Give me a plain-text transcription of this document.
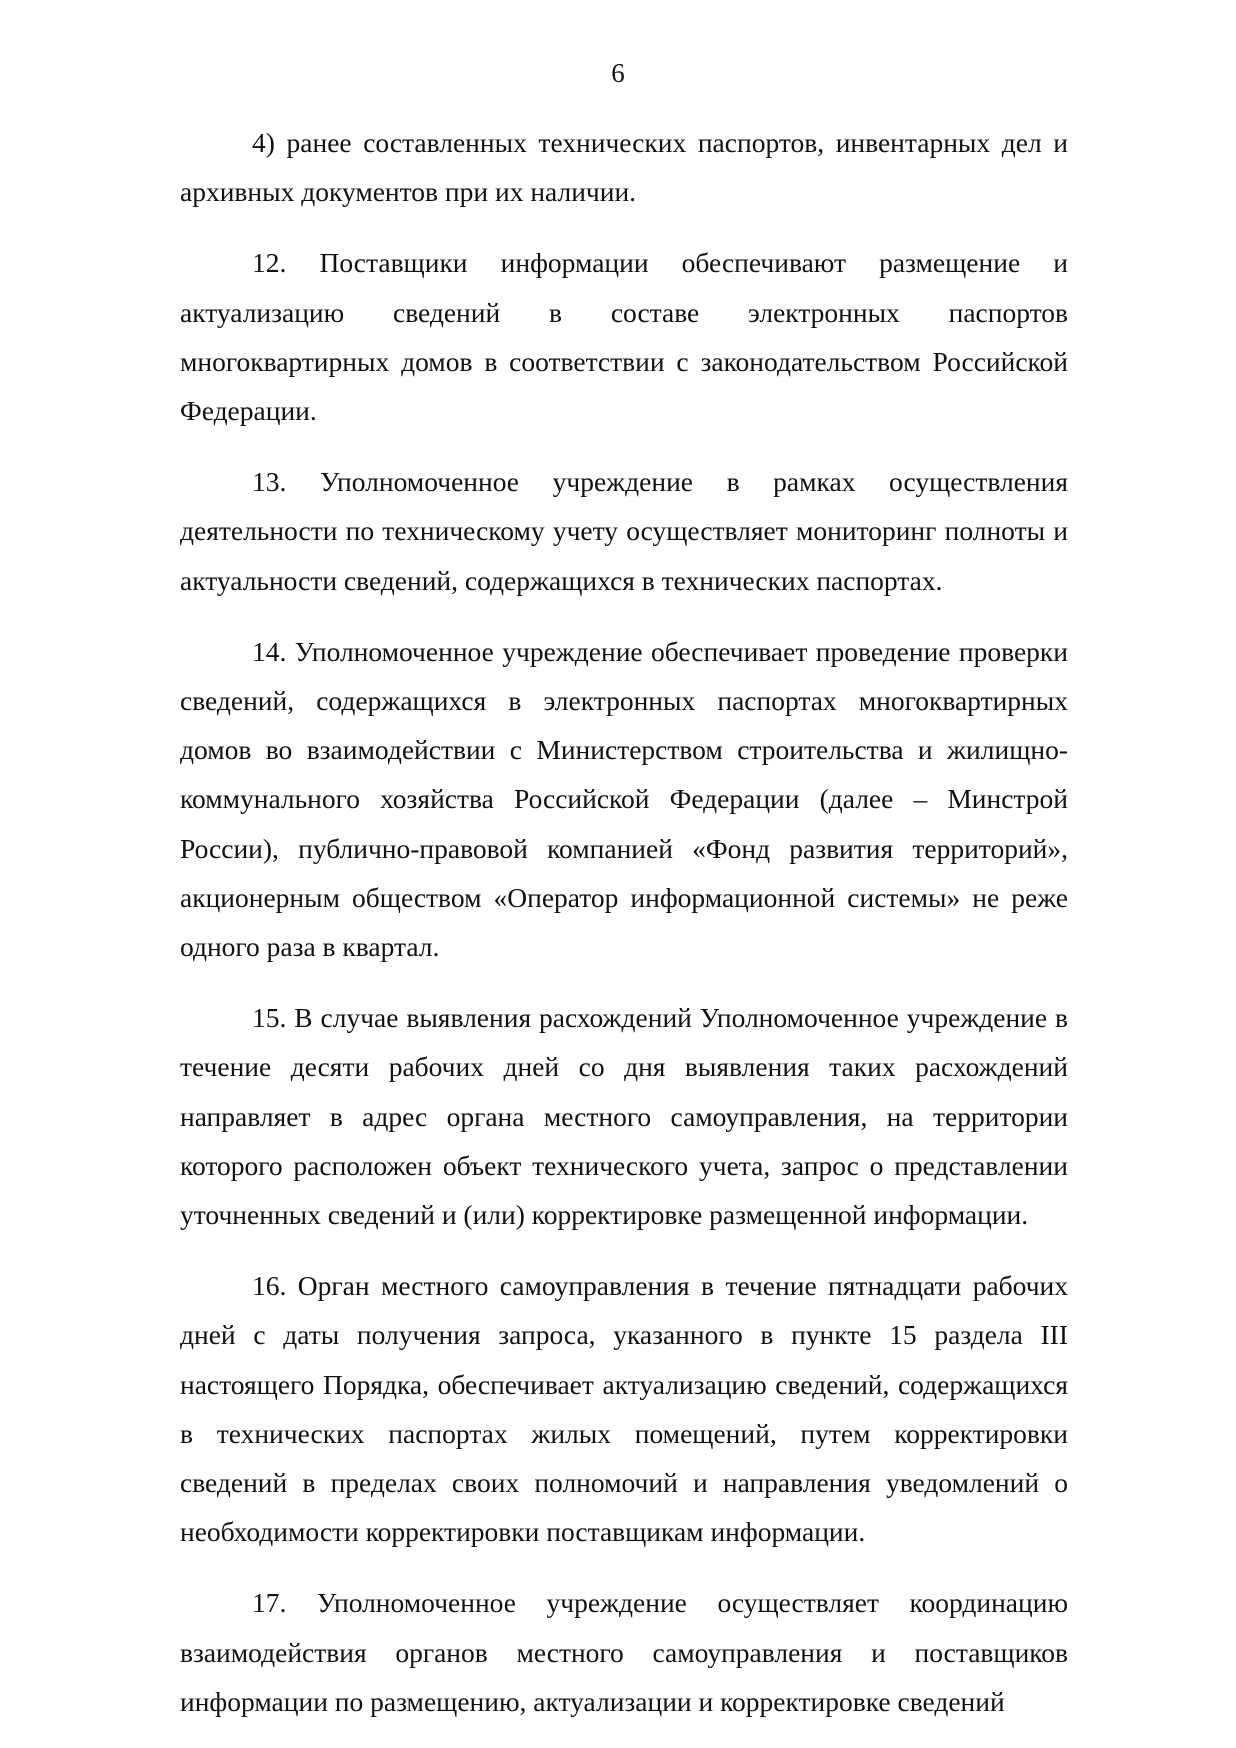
6

4) ранее составленных технических паспортов, инвентарных дел и архивных документов при их наличии.

12. Поставщики информации обеспечивают размещение и актуализацию сведений в составе электронных паспортов многоквартирных домов в соответствии с законодательством Российской Федерации.

13. Уполномоченное учреждение в рамках осуществления деятельности по техническому учету осуществляет мониторинг полноты и актуальности сведений, содержащихся в технических паспортах.

14. Уполномоченное учреждение обеспечивает проведение проверки сведений, содержащихся в электронных паспортах многоквартирных домов во взаимодействии с Министерством строительства и жилищно-коммунального хозяйства Российской Федерации (далее – Минстрой России), публично-правовой компанией «Фонд развития территорий», акционерным обществом «Оператор информационной системы» не реже одного раза в квартал.

15. В случае выявления расхождений Уполномоченное учреждение в течение десяти рабочих дней со дня выявления таких расхождений направляет в адрес органа местного самоуправления, на территории которого расположен объект технического учета, запрос о представлении уточненных сведений и (или) корректировке размещенной информации.

16. Орган местного самоуправления в течение пятнадцати рабочих дней с даты получения запроса, указанного в пункте 15 раздела III настоящего Порядка, обеспечивает актуализацию сведений, содержащихся в технических паспортах жилых помещений, путем корректировки сведений в пределах своих полномочий и направления уведомлений о необходимости корректировки поставщикам информации.

17. Уполномоченное учреждение осуществляет координацию взаимодействия органов местного самоуправления и поставщиков информации по размещению, актуализации и корректировке сведений
